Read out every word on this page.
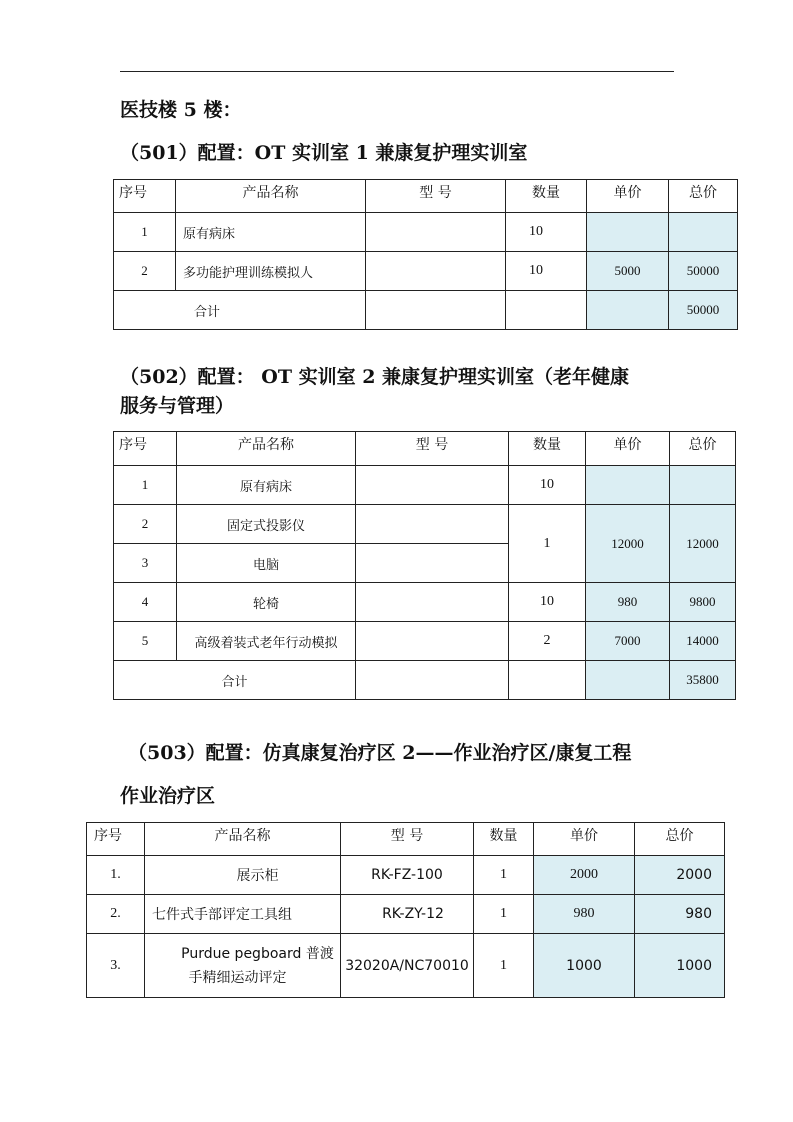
医技楼 5 楼：
（501）配置：OT 实训室 1 兼康复护理实训室
序号	产品名称	型 号	数量	单价	总价
1	原有病床		10		
2	多功能护理训练模拟人		10	5000	50000
合计					50000
（502）配置： OT 实训室 2 兼康复护理实训室（老年健康
服务与管理）
序号	产品名称	型 号	数量	单价	总价
1	原有病床		10		
2	固定式投影仪		1	12000	12000
3	电脑				
4	轮椅		10	980	9800
5	高级着装式老年行动模拟		2	7000	14000
合计					35800
（503）配置：仿真康复治疗区 2——作业治疗区/康复工程
作业治疗区
序号	产品名称	型 号	数量	单价	总价
1.	展示柜	RK-FZ-100	1	2000	2000
2.	七件式手部评定工具组	RK-ZY-12	1	980	980
3.	Purdue pegboard 普渡
手精细运动评定	32020A/NC70010	1	1000	1000
